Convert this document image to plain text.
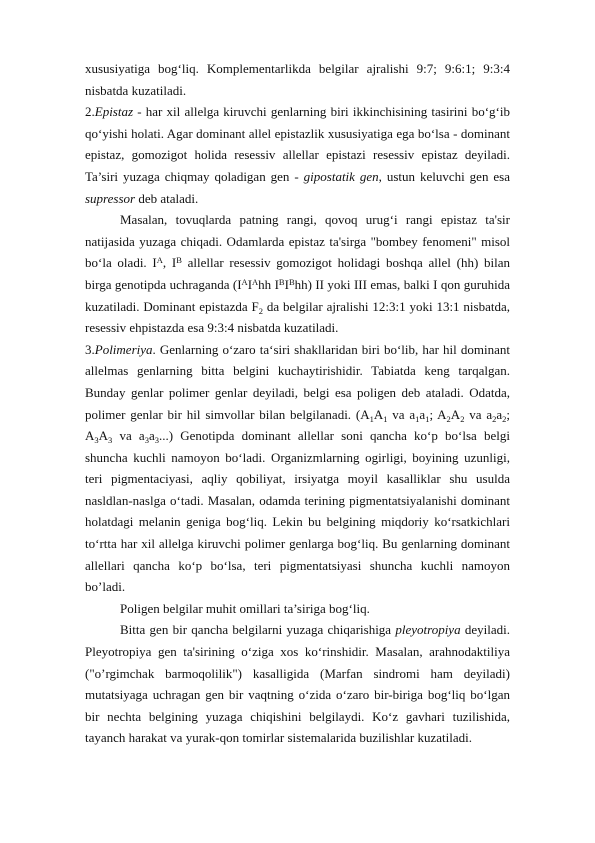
xususiyatiga bog‘liq. Komplementarlikda belgilar ajralishi 9:7; 9:6:1; 9:3:4 nisbatda kuzatiladi.

2.Epistaz - har xil allelga kiruvchi genlarning biri ikkinchisining tasirini bo‘g‘ib qo‘yishi holati. Agar dominant allel epistazlik xususiyatiga ega bo‘lsa - dominant epistaz, gomozigot holida resessiv allellar epistazi resessiv epistaz deyiladi. Ta’siri yuzaga chiqmay qoladigan gen - gipostatik gen, ustun keluvchi gen esa supressor deb ataladi.

Masalan, tovuqlarda patning rangi, qovoq urug‘i rangi epistaz ta'sir natijasida yuzaga chiqadi. Odamlarda epistaz ta'sirga "bombey fenomeni" misol bo‘la oladi. $I^A$, $I^B$ allellar resessiv gomozigot holidagi boshqa allel (hh) bilan birga genotipda uchraganda ($I^AI^Ahh$ $I^BI^Bhh$) II yoki III emas, balki I qon guruhida kuzatiladi. Dominant epistazda $F_2$ da belgilar ajralishi 12:3:1 yoki 13:1 nisbatda, resessiv ehpistazda esa 9:3:4 nisbatda kuzatiladi.

3.Polimeriya. Genlarning o‘zaro ta‘siri shakllaridan biri bo‘lib, har hil dominant allelmas genlarning bitta belgini kuchaytirishidir. Tabiatda keng tarqalgan. Bunday genlar polimer genlar deyiladi, belgi esa poligen deb ataladi. Odatda, polimer genlar bir hil simvollar bilan belgilanadi. ($A_1A_1$ va $a_1a_1$; $A_2A_2$ va $a_2a_2$; $A_3A_3$ va $a_3a_3$...) Genotipda dominant allellar soni qancha ko‘p bo‘lsa belgi shuncha kuchli namoyon bo‘ladi. Organizmlarning ogirligi, boyining uzunligi, teri pigmentaciyasi, aqliy qobiliyat, irsiyatga moyil kasalliklar shu usulda nasldlan-naslga o‘tadi. Masalan, odamda terining pigmentatsiyalanishi dominant holatdagi melanin geniga bog‘liq. Lekin bu belgining miqdoriy ko‘rsatkichlari to‘rtta har xil allelga kiruvchi polimer genlarga bog‘liq. Bu genlarning dominant allellari qancha ko‘p bo‘lsa, teri pigmentatsiyasi shuncha kuchli namoyon bo’ladi.

Poligen belgilar muhit omillari ta’siriga bog‘liq.

Bitta gen bir qancha belgilarni yuzaga chiqarishiga pleyotropiya deyiladi. Pleyotropiya gen ta'sirining o‘ziga xos ko‘rinshidir. Masalan, arahnodaktiliya ("o’rgimchak barmoqolilik") kasalligida (Marfan sindromi ham deyiladi) mutatsiyaga uchragan gen bir vaqtning o‘zida o‘zaro bir-biriga bog‘liq bo‘lgan bir nechta belgining yuzaga chiqishini belgilaydi. Ko‘z gavhari tuzilishida, tayanch harakat va yurak-qon tomirlar sistemalarida buzilishlar kuzatiladi.
